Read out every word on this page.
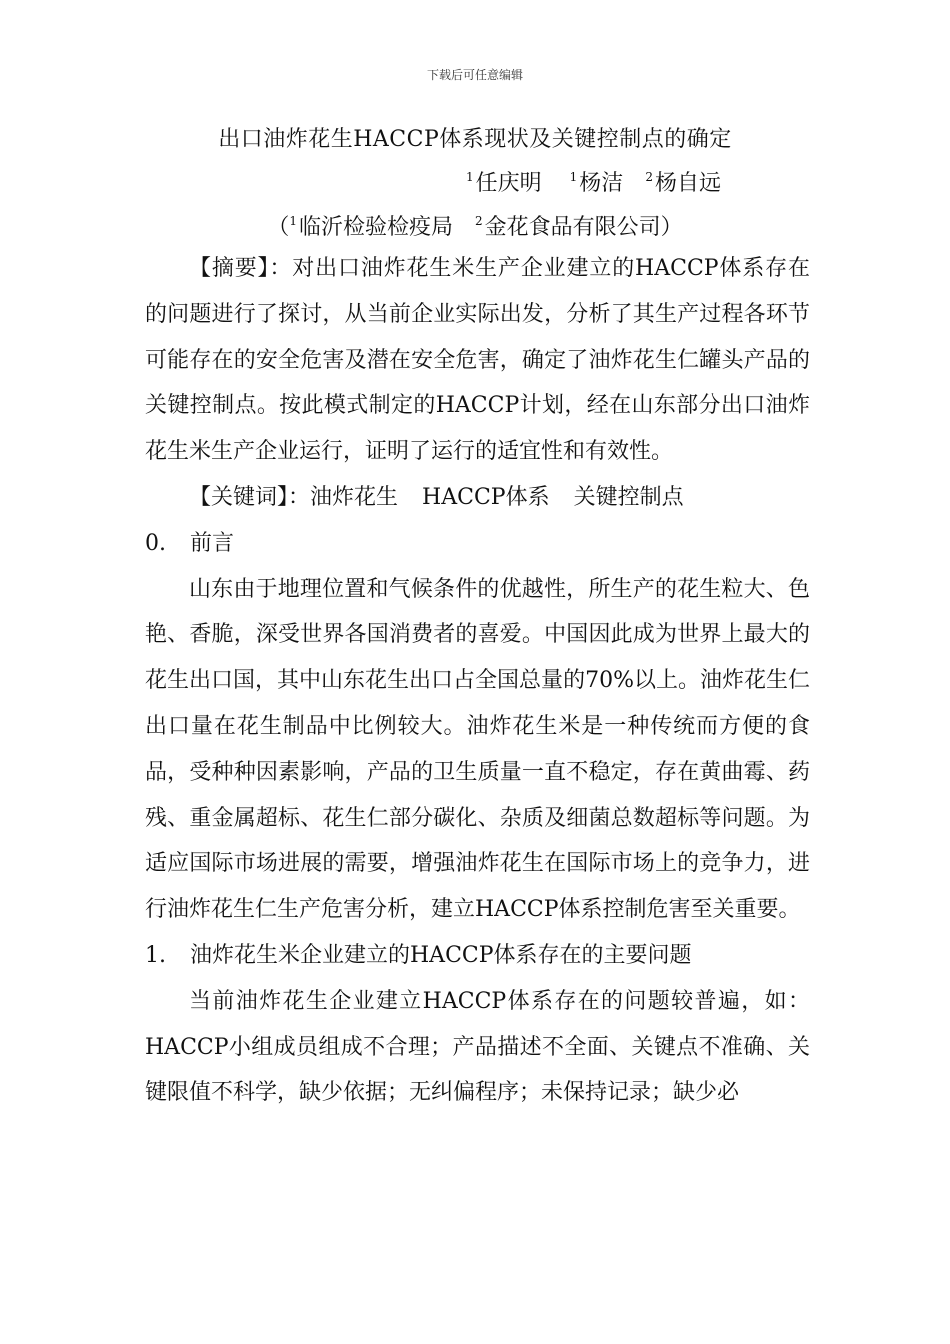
下载后可任意编辑
出口油炸花生HACCP体系现状及关键控制点的确定
$^1$任庆明 $^1$杨洁 $^2$杨自远
（$^1$临沂检验检疫局 $^2$金花食品有限公司）

【摘要】：对出口油炸花生米生产企业建立的HACCP体系存在的问题进行了探讨，从当前企业实际出发，分析了其生产过程各环节可能存在的安全危害及潜在安全危害，确定了油炸花生仁罐头产品的关键控制点。按此模式制定的HACCP计划，经在山东部分出口油炸花生米生产企业运行，证明了运行的适宜性和有效性。

【关键词】：油炸花生 HACCP体系 关键控制点

0. 前言

山东由于地理位置和气候条件的优越性，所生产的花生粒大、色艳、香脆，深受世界各国消费者的喜爱。中国因此成为世界上最大的花生出口国，其中山东花生出口占全国总量的70%以上。油炸花生仁出口量在花生制品中比例较大。油炸花生米是一种传统而方便的食品，受种种因素影响，产品的卫生质量一直不稳定，存在黄曲霉、药残、重金属超标、花生仁部分碳化、杂质及细菌总数超标等问题。为适应国际市场进展的需要，增强油炸花生在国际市场上的竞争力，进行油炸花生仁生产危害分析，建立HACCP体系控制危害至关重要。

1. 油炸花生米企业建立的HACCP体系存在的主要问题

当前油炸花生企业建立HACCP体系存在的问题较普遍，如：HACCP小组成员组成不合理；产品描述不全面、关键点不准确、关键限值不科学，缺少依据；无纠偏程序；未保持记录；缺少必
